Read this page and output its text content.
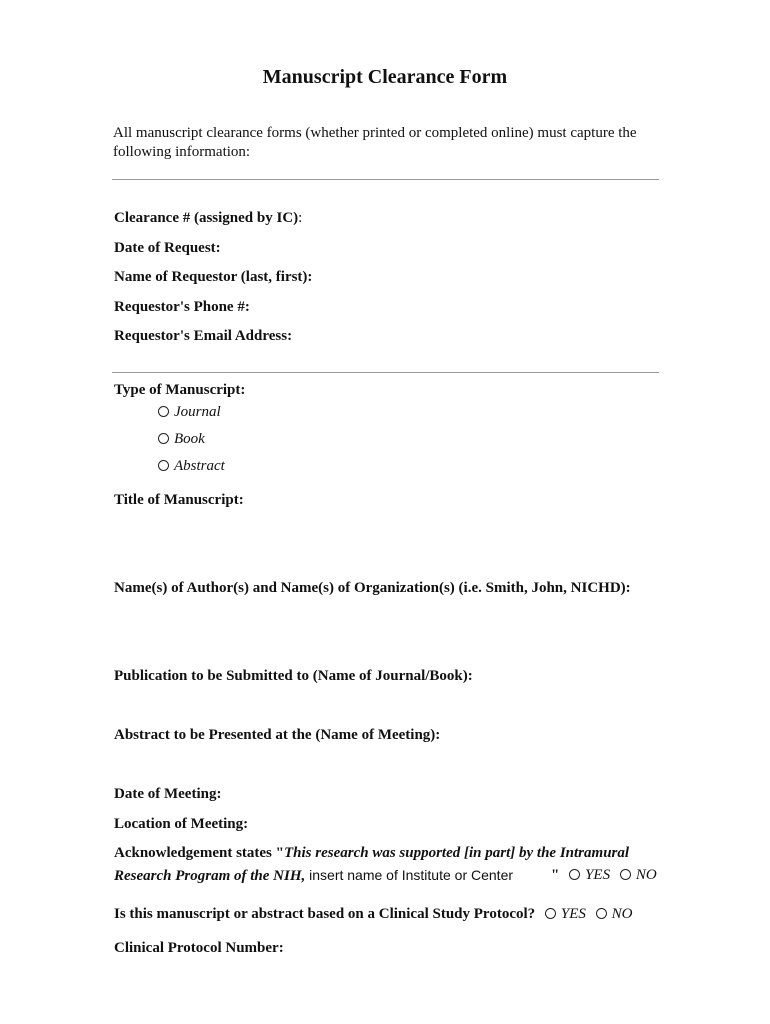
Manuscript Clearance Form
All manuscript clearance forms (whether printed or completed online) must capture the following information:
Clearance # (assigned by IC):
Date of Request:
Name of Requestor (last, first):
Requestor's Phone #:
Requestor's Email Address:
Type of Manuscript:
Journal
Book
Abstract
Title of Manuscript:
Name(s) of Author(s) and Name(s) of Organization(s) (i.e. Smith, John, NICHD):
Publication to be Submitted to (Name of Journal/Book):
Abstract to be Presented at the (Name of Meeting):
Date of Meeting:
Location of Meeting:
Acknowledgement states "This research was supported [in part] by the Intramural
Research Program of the NIH, insert name of Institute or Center	" YES NO
Is this manuscript or abstract based on a Clinical Study Protocol? YES NO
Clinical Protocol Number:
